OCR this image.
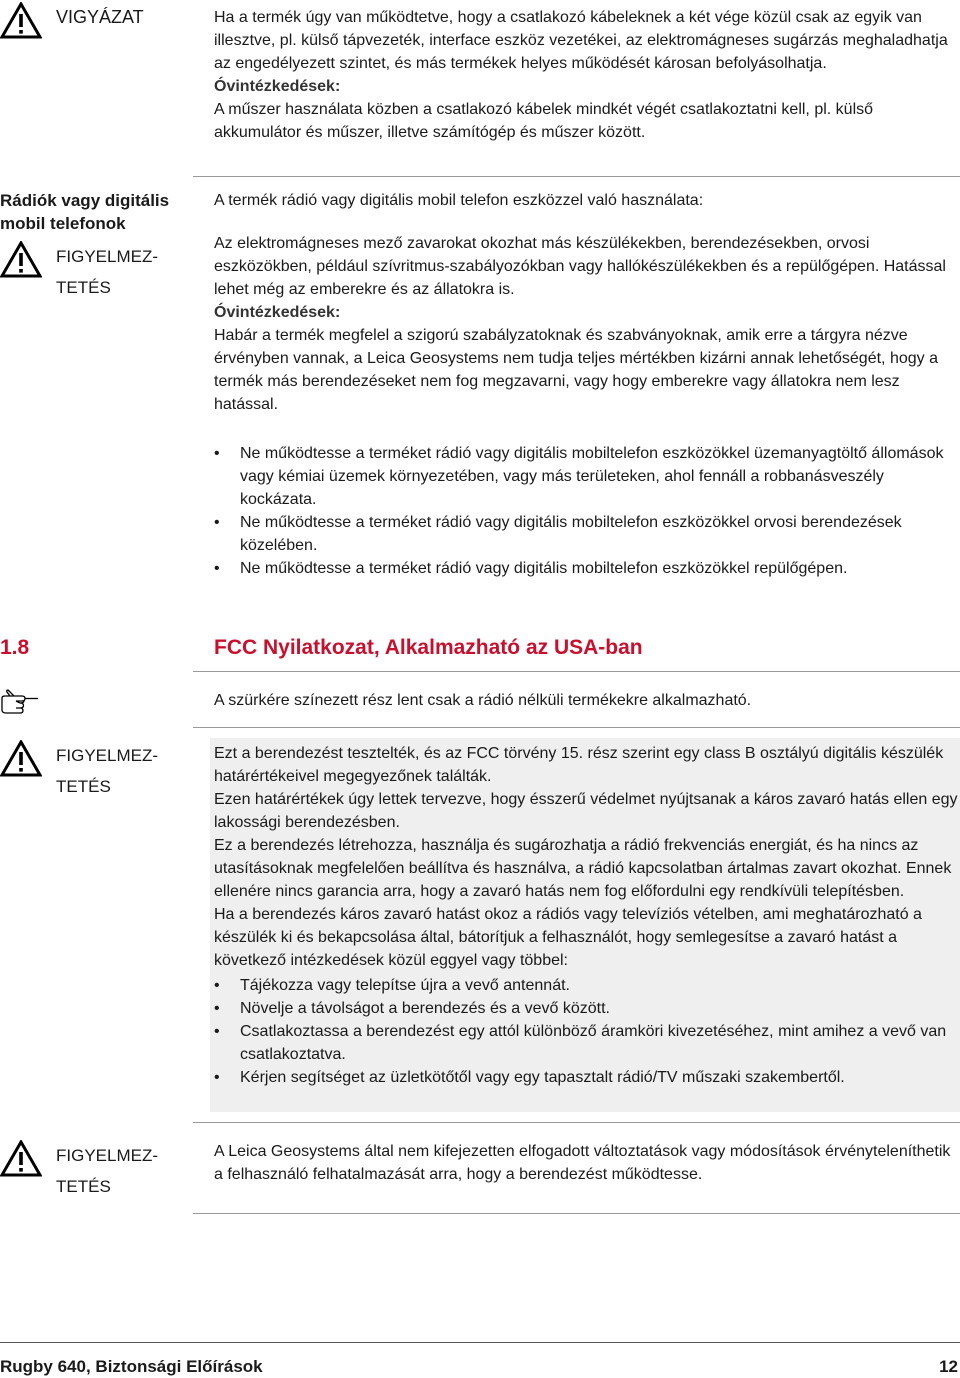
VIGYÁZAT	Ha a termék úgy van működtetve, hogy a csatlakozó kábeleknek a két vége közül csak az egyik van illesztve, pl. külső tápvezeték, interface eszköz vezetékei, az elektromágneses sugárzás meghaladhatja az engedélyezett szintet, és más termékek helyes működését károsan befolyásolhatja.

Óvintézkedések:

A műszer használata közben a csatlakozó kábelek mindkét végét csatlakoztatni kell, pl. külső akkumulátor és műszer, illetve számítógép és műszer között.

Rádiók vagy digitális mobil telefonok

FIGYELMEZ-
TETÉS

A termék rádió vagy digitális mobil telefon eszközzel való használata:

Az elektromágneses mező zavarokat okozhat más készülékekben, berendezésekben, orvosi eszközökben, például szívritmus-szabályozókban vagy hallókészülékekben és a repülőgépen. Hatással lehet még az emberekre és az állatokra is.

Óvintézkedések:

Habár a termék megfelel a szigorú szabályzatoknak és szabványoknak, amik erre a tárgyra nézve érvényben vannak, a Leica Geosystems nem tudja teljes mértékben kizárni annak lehetőségét, hogy a termék más berendezéseket nem fog megzavarni, vagy hogy emberekre vagy állatokra nem lesz hatással.

• Ne működtesse a terméket rádió vagy digitális mobiltelefon eszközökkel üzemanyagtöltő állomások vagy kémiai üzemek környezetében, vagy más területeken, ahol fennáll a robbanásveszély kockázata.
• Ne működtesse a terméket rádió vagy digitális mobiltelefon eszközökkel orvosi berendezések közelében.
• Ne működtesse a terméket rádió vagy digitális mobiltelefon eszközökkel repülőgépen.
1.8	FCC Nyilatkozat, Alkalmazható az USA-ban

A szürkére színezett rész lent csak a rádió nélküli termékekre alkalmazható.

FIGYELMEZ-
TETÉS

Ezt a berendezést tesztelték, és az FCC törvény 15. rész szerint egy class B osztályú digitális készülék határértékeivel megegyezőnek találták.

Ezen határértékek úgy lettek tervezve, hogy ésszerű védelmet nyújtsanak a káros zavaró hatás ellen egy lakossági berendezésben.

Ez a berendezés létrehozza, használja és sugározhatja a rádió frekvenciás energiát, és ha nincs az utasításoknak megfelelően beállítva és használva, a rádió kapcsolatban ártalmas zavart okozhat. Ennek ellenére nincs garancia arra, hogy a zavaró hatás nem fog előfordulni egy rendkívüli telepítésben.

Ha a berendezés káros zavaró hatást okoz a rádiós vagy televíziós vételben, ami meghatározható a készülék ki és bekapcsolása által, bátorítjuk a felhasználót, hogy semlegesítse a zavaró hatást a következő intézkedések közül eggyel vagy többel:

• Tájékozza vagy telepítse újra a vevő antennát.
• Növelje a távolságot a berendezés és a vevő között.
• Csatlakoztassa a berendezést egy attól különböző áramköri kivezetéséhez, mint amihez a vevő van csatlakoztatva.
• Kérjen segítséget az üzletkötőtől vagy egy tapasztalt rádió/TV műszaki szakembertől.
FIGYELMEZ-
TETÉS

A Leica Geosystems által nem kifejezetten elfogadott változtatások vagy módosítások érvényteleníthetik a felhasználó felhatalmazását arra, hogy a berendezést működtesse.

Rugby 640, Biztonsági Előírások	12
